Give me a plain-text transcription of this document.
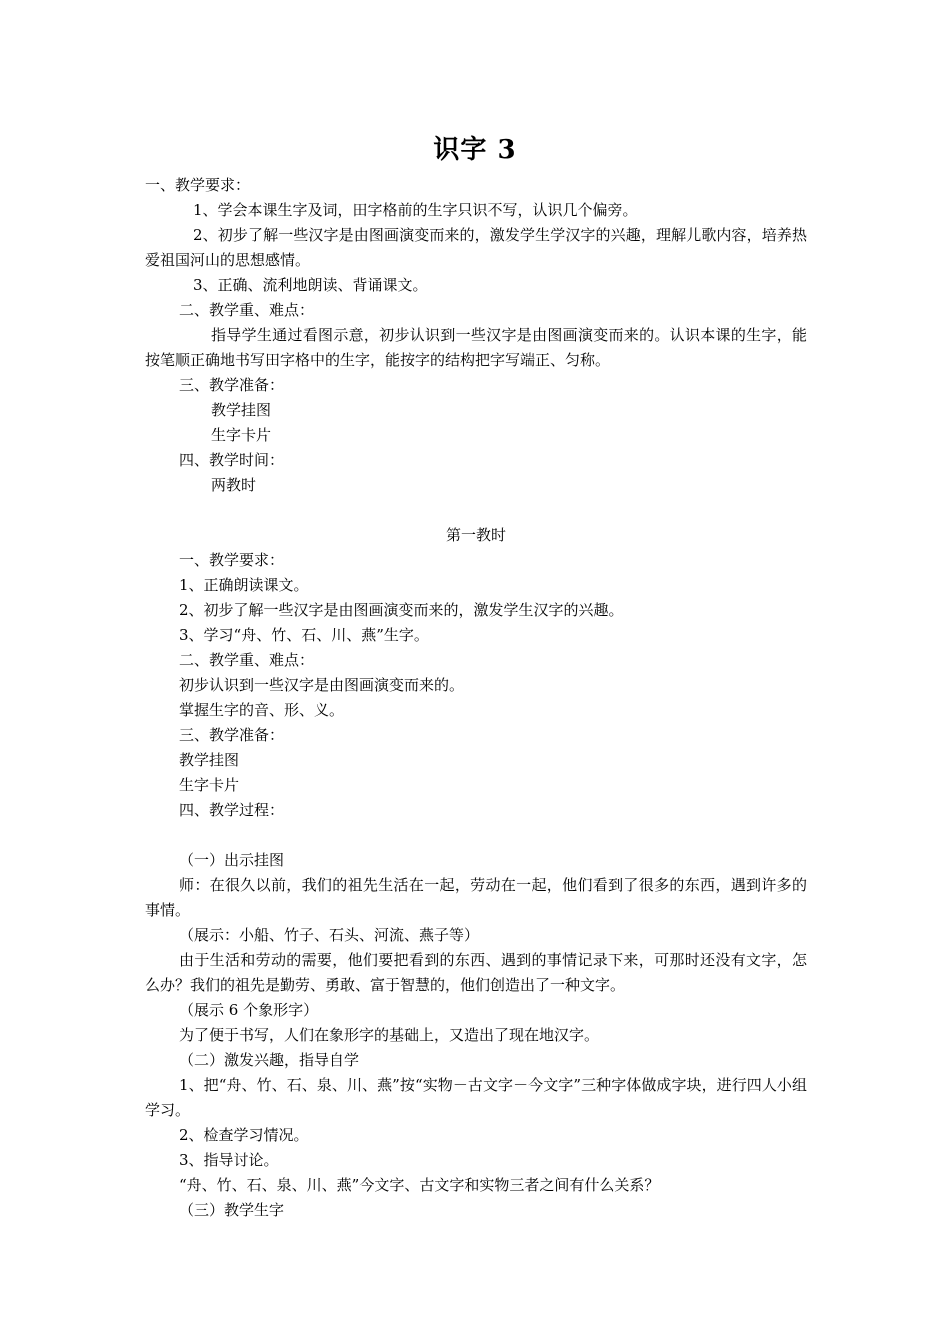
识字 3
一、教学要求：
1、学会本课生字及词，田字格前的生字只识不写，认识几个偏旁。
2、初步了解一些汉字是由图画演变而来的，激发学生学汉字的兴趣，理解儿歌内容，培养热爱祖国河山的思想感情。
3、正确、流利地朗读、背诵课文。
二、教学重、难点：
指导学生通过看图示意，初步认识到一些汉字是由图画演变而来的。认识本课的生字，能按笔顺正确地书写田字格中的生字，能按字的结构把字写端正、匀称。
三、教学准备：
教学挂图
生字卡片
四、教学时间：
两教时
第一教时
一、教学要求：
1、正确朗读课文。
2、初步了解一些汉字是由图画演变而来的，激发学生汉字的兴趣。
3、学习“舟、竹、石、川、燕”生字。
二、教学重、难点：
初步认识到一些汉字是由图画演变而来的。
掌握生字的音、形、义。
三、教学准备：
教学挂图
生字卡片
四、教学过程：
（一）出示挂图
师：在很久以前，我们的祖先生活在一起，劳动在一起，他们看到了很多的东西，遇到许多的事情。
（展示：小船、竹子、石头、河流、燕子等）
由于生活和劳动的需要，他们要把看到的东西、遇到的事情记录下来，可那时还没有文字，怎么办？我们的祖先是勤劳、勇敢、富于智慧的，他们创造出了一种文字。
（展示 6 个象形字）
为了便于书写，人们在象形字的基础上，又造出了现在地汉字。
（二）激发兴趣，指导自学
1、把“舟、竹、石、泉、川、燕”按“实物－古文字－今文字”三种字体做成字块，进行四人小组学习。
2、检查学习情况。
3、指导讨论。
“舟、竹、石、泉、川、燕”今文字、古文字和实物三者之间有什么关系？
（三）教学生字
